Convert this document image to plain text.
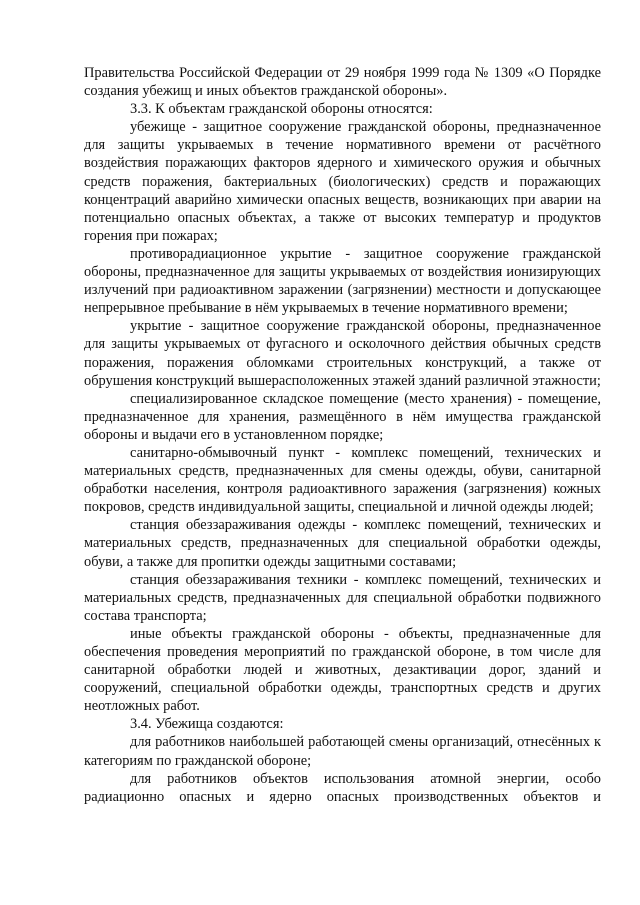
Правительства Российской Федерации от 29 ноября 1999 года № 1309 «О Порядке создания убежищ и иных объектов гражданской обороны».

3.3. К объектам гражданской обороны относятся:

убежище - защитное сооружение гражданской обороны, предназначенное для защиты укрываемых в течение нормативного времени от расчётного воздействия поражающих факторов ядерного и химического оружия и обычных средств поражения, бактериальных (биологических) средств и поражающих концентраций аварийно химически опасных веществ, возникающих при аварии на потенциально опасных объектах, а также от высоких температур и продуктов горения при пожарах;

противорадиационное укрытие - защитное сооружение гражданской обороны, предназначенное для защиты укрываемых от воздействия ионизирующих излучений при радиоактивном заражении (загрязнении) местности и допускающее непрерывное пребывание в нём укрываемых в течение нормативного времени;

укрытие - защитное сооружение гражданской обороны, предназначенное для защиты укрываемых от фугасного и осколочного действия обычных средств поражения, поражения обломками строительных конструкций, а также от обрушения конструкций вышерасположенных этажей зданий различной этажности;

специализированное складское помещение (место хранения) - помещение, предназначенное для хранения, размещённого в нём имущества гражданской обороны и выдачи его в установленном порядке;

санитарно-обмывочный пункт - комплекс помещений, технических и материальных средств, предназначенных для смены одежды, обуви, санитарной обработки населения, контроля радиоактивного заражения (загрязнения) кожных покровов, средств индивидуальной защиты, специальной и личной одежды людей;

станция обеззараживания одежды - комплекс помещений, технических и материальных средств, предназначенных для специальной обработки одежды, обуви, а также для пропитки одежды защитными составами;

станция обеззараживания техники - комплекс помещений, технических и материальных средств, предназначенных для специальной обработки подвижного состава транспорта;

иные объекты гражданской обороны - объекты, предназначенные для обеспечения проведения мероприятий по гражданской обороне, в том числе для санитарной обработки людей и животных, дезактивации дорог, зданий и сооружений, специальной обработки одежды, транспортных средств и других неотложных работ.

3.4. Убежища создаются:

для работников наибольшей работающей смены организаций, отнесённых к категориям по гражданской обороне;

для работников объектов использования атомной энергии, особо радиационно опасных и ядерно опасных производственных объектов и
